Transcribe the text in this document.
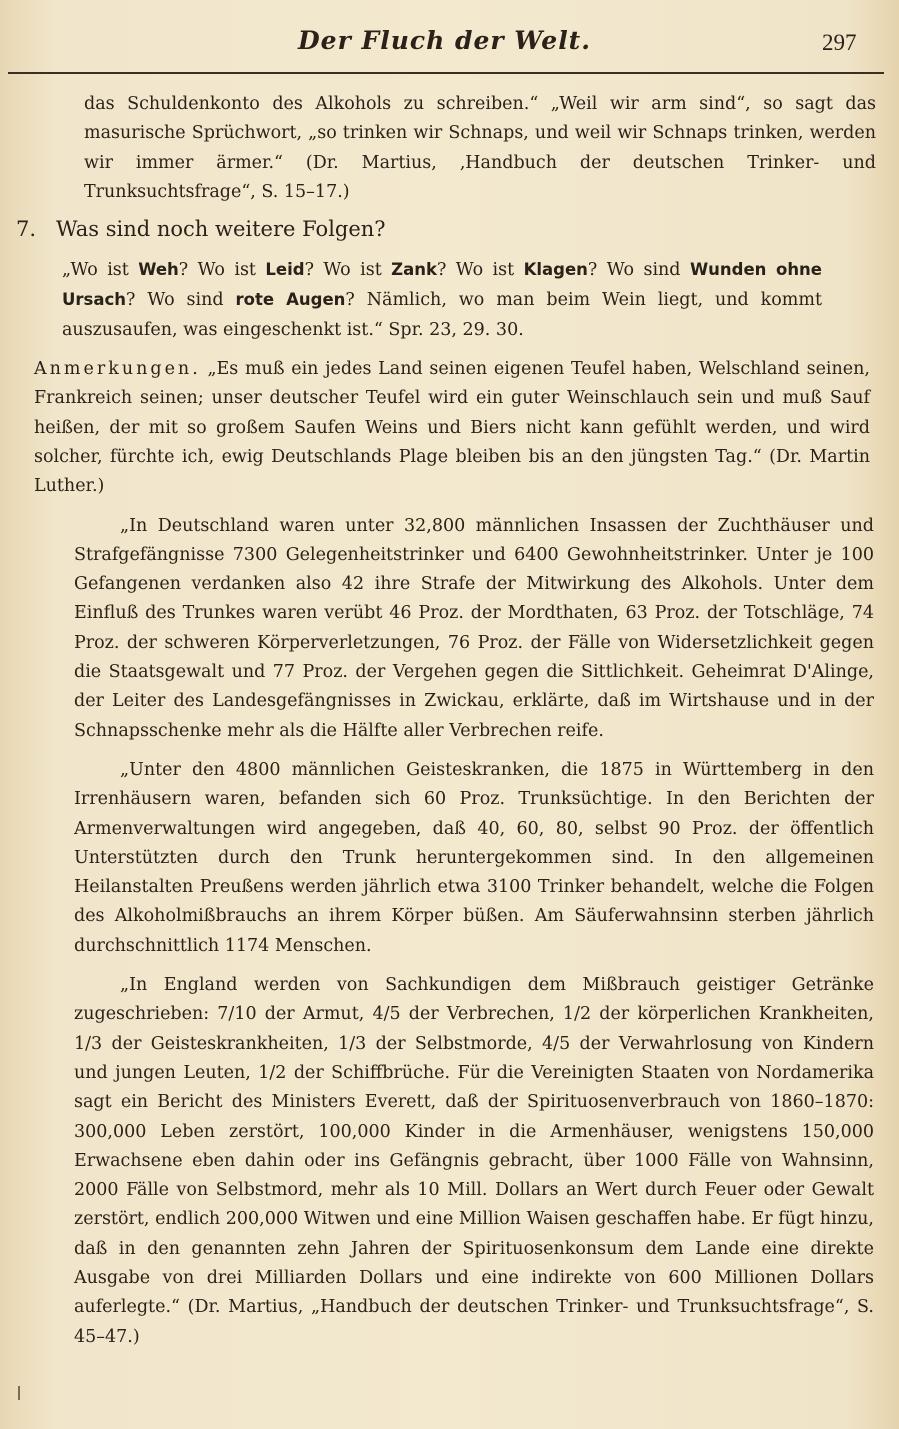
Der Fluch der Welt.	297

das Schuldenkonto des Alkohols zu schreiben.“ „Weil wir arm sind“, so sagt das masurische Sprüchwort, „so trinken wir Schnaps, und weil wir Schnaps trinken, werden wir immer ärmer.“ (Dr. Martius, ‚Handbuch der deutschen Trinker- und Trunksuchtsfrage“, S. 15–17.)

7. Was sind noch weitere Folgen?

„Wo ist Weh? Wo ist Leid? Wo ist Zank? Wo ist Klagen? Wo sind Wunden ohne Ursach? Wo sind rote Augen? Nämlich, wo man beim Wein liegt, und kommt auszusaufen, was eingeschenkt ist.“ Spr. 23, 29. 30.

Anmerkungen. „Es muß ein jedes Land seinen eigenen Teufel haben, Welschland seinen, Frankreich seinen; unser deutscher Teufel wird ein guter Weinschlauch sein und muß Sauf heißen, der mit so großem Saufen Weins und Biers nicht kann gefühlt werden, und wird solcher, fürchte ich, ewig Deutschlands Plage bleiben bis an den jüngsten Tag.“ (Dr. Martin Luther.)

„In Deutschland waren unter 32,800 männlichen Insassen der Zuchthäuser und Strafgefängnisse 7300 Gelegenheitstrinker und 6400 Gewohnheitstrinker. Unter je 100 Gefangenen verdanken also 42 ihre Strafe der Mitwirkung des Alkohols. Unter dem Einfluß des Trunkes waren verübt 46 Proz. der Mordthaten, 63 Proz. der Totschläge, 74 Proz. der schweren Körperverletzungen, 76 Proz. der Fälle von Widersetzlichkeit gegen die Staatsgewalt und 77 Proz. der Vergehen gegen die Sittlichkeit. Geheimrat D'Alinge, der Leiter des Landesgefängnisses in Zwickau, erklärte, daß im Wirtshause und in der Schnapsschenke mehr als die Hälfte aller Verbrechen reife.

„Unter den 4800 männlichen Geisteskranken, die 1875 in Württemberg in den Irrenhäusern waren, befanden sich 60 Proz. Trunksüchtige. In den Berichten der Armenverwaltungen wird angegeben, daß 40, 60, 80, selbst 90 Proz. der öffentlich Unterstützten durch den Trunk heruntergekommen sind. In den allgemeinen Heilanstalten Preußens werden jährlich etwa 3100 Trinker behandelt, welche die Folgen des Alkoholmißbrauchs an ihrem Körper büßen. Am Säuferwahnsinn sterben jährlich durchschnittlich 1174 Menschen.

„In England werden von Sachkundigen dem Mißbrauch geistiger Getränke zugeschrieben: 7/10 der Armut, 4/5 der Verbrechen, 1/2 der körperlichen Krankheiten, 1/3 der Geisteskrankheiten, 1/3 der Selbstmorde, 4/5 der Verwahrlosung von Kindern und jungen Leuten, 1/2 der Schiffbrüche. Für die Vereinigten Staaten von Nordamerika sagt ein Bericht des Ministers Everett, daß der Spirituosenverbrauch von 1860–1870: 300,000 Leben zerstört, 100,000 Kinder in die Armenhäuser, wenigstens 150,000 Erwachsene eben dahin oder ins Gefängnis gebracht, über 1000 Fälle von Wahnsinn, 2000 Fälle von Selbstmord, mehr als 10 Mill. Dollars an Wert durch Feuer oder Gewalt zerstört, endlich 200,000 Witwen und eine Million Waisen geschaffen habe. Er fügt hinzu, daß in den genannten zehn Jahren der Spirituosenkonsum dem Lande eine direkte Ausgabe von drei Milliarden Dollars und eine indirekte von 600 Millionen Dollars auferlegte.“ (Dr. Martius, „Handbuch der deutschen Trinker- und Trunksuchtsfrage“, S. 45–47.)
